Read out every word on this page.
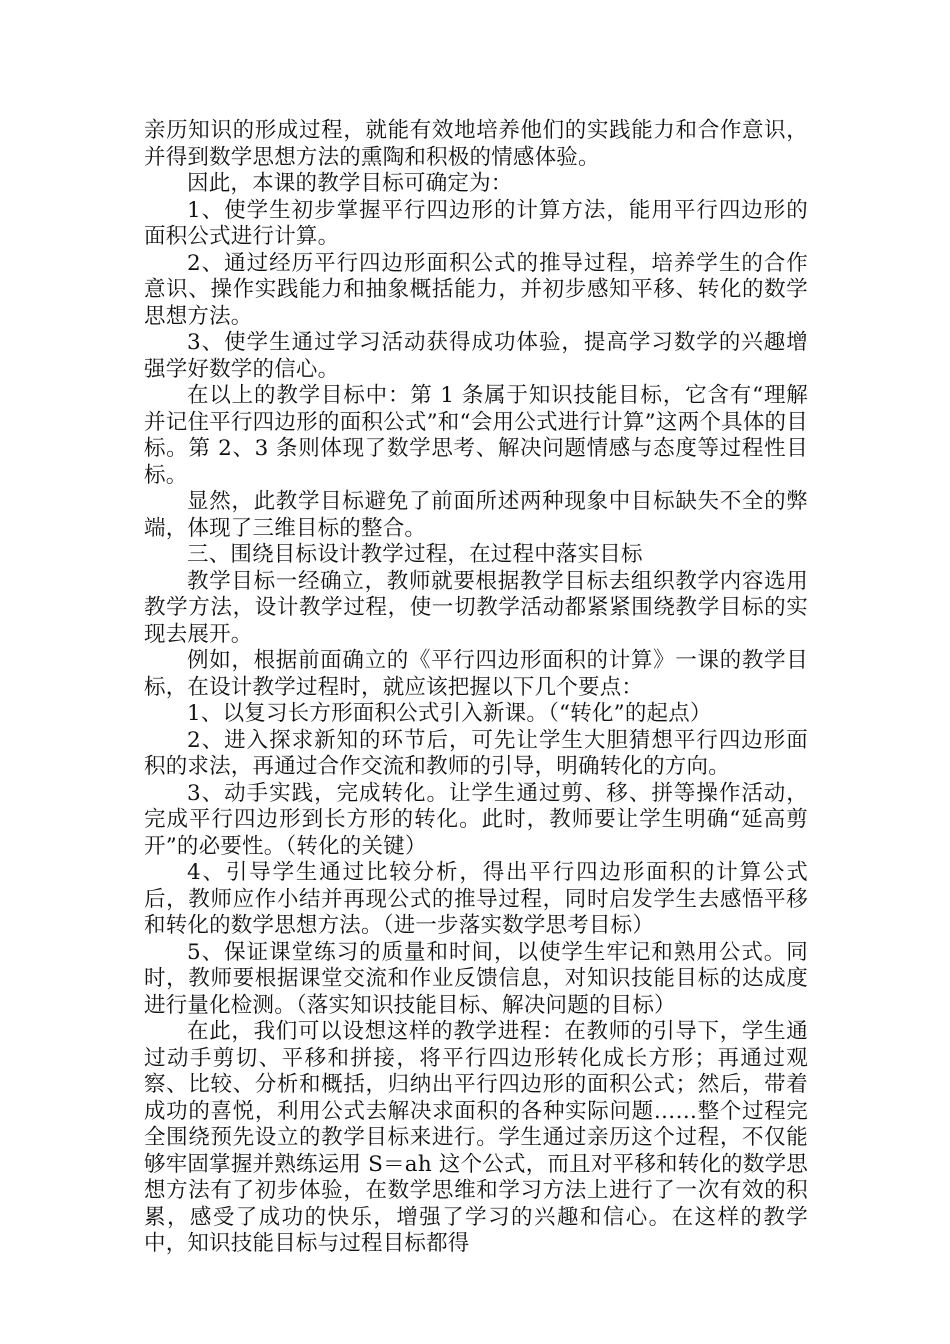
亲历知识的形成过程，就能有效地培养他们的实践能力和合作意识，并得到数学思想方法的熏陶和积极的情感体验。

因此，本课的教学目标可确定为：

1、使学生初步掌握平行四边形的计算方法，能用平行四边形的面积公式进行计算。

2、通过经历平行四边形面积公式的推导过程，培养学生的合作意识、操作实践能力和抽象概括能力，并初步感知平移、转化的数学思想方法。

3、使学生通过学习活动获得成功体验，提高学习数学的兴趣增强学好数学的信心。

在以上的教学目标中：第 1 条属于知识技能目标，它含有“理解并记住平行四边形的面积公式”和“会用公式进行计算”这两个具体的目标。第 2、3 条则体现了数学思考、解决问题情感与态度等过程性目标。

显然，此教学目标避免了前面所述两种现象中目标缺失不全的弊端，体现了三维目标的整合。

三、围绕目标设计教学过程，在过程中落实目标

教学目标一经确立，教师就要根据教学目标去组织教学内容选用教学方法，设计教学过程，使一切教学活动都紧紧围绕教学目标的实现去展开。

例如，根据前面确立的《平行四边形面积的计算》一课的教学目标，在设计教学过程时，就应该把握以下几个要点：

1、以复习长方形面积公式引入新课。（“转化”的起点）

2、进入探求新知的环节后，可先让学生大胆猜想平行四边形面积的求法，再通过合作交流和教师的引导，明确转化的方向。

3、动手实践，完成转化。让学生通过剪、移、拼等操作活动，完成平行四边形到长方形的转化。此时，教师要让学生明确“延高剪开”的必要性。（转化的关键）

4、引导学生通过比较分析，得出平行四边形面积的计算公式后，教师应作小结并再现公式的推导过程，同时启发学生去感悟平移和转化的数学思想方法。（进一步落实数学思考目标）

5、保证课堂练习的质量和时间，以使学生牢记和熟用公式。同时，教师要根据课堂交流和作业反馈信息，对知识技能目标的达成度进行量化检测。（落实知识技能目标、解决问题的目标）

在此，我们可以设想这样的教学进程：在教师的引导下，学生通过动手剪切、平移和拼接，将平行四边形转化成长方形；再通过观察、比较、分析和概括，归纳出平行四边形的面积公式；然后，带着成功的喜悦，利用公式去解决求面积的各种实际问题……整个过程完全围绕预先设立的教学目标来进行。学生通过亲历这个过程，不仅能够牢固掌握并熟练运用 S＝ah 这个公式，而且对平移和转化的数学思想方法有了初步体验，在数学思维和学习方法上进行了一次有效的积累，感受了成功的快乐，增强了学习的兴趣和信心。在这样的教学中，知识技能目标与过程目标都得
